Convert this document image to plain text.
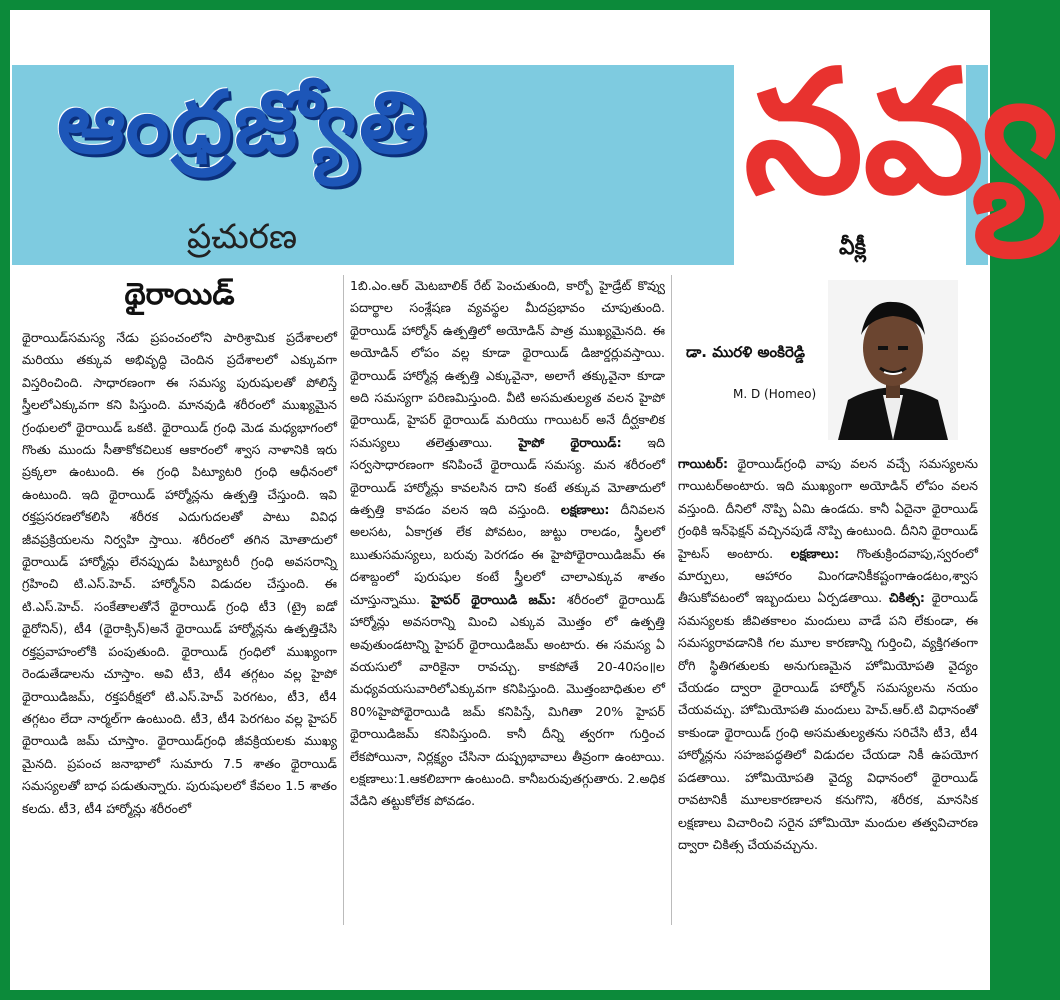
ఆంధ్రజ్యోతి
ప్రచురణ
నవ్య
వీక్లీ
థైరాయిడ్

థైరాయిడ్‌సమస్య నేడు ప్రపంచంలోని పారిశ్రామిక ప్రదేశాలలో మరియు తక్కువ అభివృద్ధి చెందిన ప్రదేశాలలో ఎక్కువగా విస్తరించింది. సాధారణంగా ఈ సమస్య పురుషులతో పోలిస్తే స్త్రీలలోఎక్కువగా కని పిస్తుంది. మానవుడి శరీరంలో ముఖ్యమైన గ్రంథులలో థైరాయిడ్ ఒకటి. థైరాయిడ్ గ్రంధి మెడ మధ్యభాగంలో గొంతు ముందు సీతాకోకచిలుక ఆకారంలో శ్వాస నాళానికి ఇరు ప్రక్కలా ఉంటుంది. ఈ గ్రంధి పిట్యూటరి గ్రంధి ఆధీనంలో ఉంటుంది. ఇది థైరాయిడ్ హార్మోన్లను ఉత్పత్తి చేస్తుంది. ఇవి రక్తప్రసరణలోకలిసి శరీరక ఎదుగుదలతో పాటు వివిధ జీవప్రక్రియలను నిర్వహి స్తాయి. శరీరంలో తగిన మోతాదులో థైరాయిడ్ హార్మోన్లు లేనప్పుడు పిట్యూటరీ గ్రంధి అవసరాన్ని గ్రహించి టి.ఎస్.హెచ్. హార్మోన్‌ని విడుదల చేస్తుంది. ఈ టి.ఎస్.హెచ్. సంకేతాలతోనే థైరాయిడ్ గ్రంధి టీ3 (ట్రై ఐడో థైరోనిన్), టీ4 (థైరాక్సిన్)అనే థైరాయిడ్ హార్మోన్లను ఉత్పత్తిచేసి రక్తప్రవాహంలోకి పంపుతుంది. థైరాయిడ్ గ్రంధిలో ముఖ్యంగా రెండుతేడాలను చూస్తాం. అవి టీ3, టీ4 తగ్గటం వల్ల హైపో థైరాయిడిజమ్, రక్తపరీక్షలో టి.ఎస్.హెచ్ పెరగటం, టీ3, టీ4 తగ్గటం లేదా నార్మల్‌గా ఉంటుంది. టీ3, టీ4 పెరగటం వల్ల హైపర్ థైరాయిడి జమ్ చూస్తాం. థైరాయిడ్‌గ్రంధి జీవక్రియలకు ముఖ్య మైనది. ప్రపంచ జనాభాలో సుమారు 7.5 శాతం థైరాయిడ్ సమస్యలతో బాధ పడుతున్నారు. పురుషులలో కేవలం 1.5 శాతం కలదు. టీ3, టీ4 హార్మోన్లు శరీరంలో

1బి.ఎం.ఆర్ మెటబాలిక్ రేట్ పెంచుతుంది, కార్బో హైడ్రేట్ కొవ్వు పదార్థాల సంశ్లేషణ వ్యవస్థల మీదప్రభావం చూపుతుంది. థైరాయిడ్ హార్మోన్ ఉత్పత్తిలో అయోడిన్ పాత్ర ముఖ్యమైనది. ఈ అయోడిన్ లోపం వల్ల కూడా థైరాయిడ్ డిజార్డర్లువస్తాయి. థైరాయిడ్ హార్మోన్ల ఉత్పత్తి ఎక్కువైనా, అలాగే తక్కువైనా కూడా అది సమస్యగా పరిణమిస్తుంది. వీటి అసమతుల్యత వలన హైపో థైరాయిడ్, హైపర్ థైరాయిడ్ మరియు గాయిటర్ అనే దీర్ఘకాలిక సమస్యలు తలెత్తుతాయి. హైపో థైరాయిడ్: ఇది సర్వసాధారణంగా కనిపించే థైరాయిడ్ సమస్య. మన శరీరంలో థైరాయిడ్ హార్మోన్లు కావలసిన దాని కంటే తక్కువ మోతాదులో ఉత్పత్తి కావడం వలన ఇది వస్తుంది. లక్షణాలు: దీనివలన అలసట, ఏకాగ్రత లేక పోవటం, జుట్టు రాలడం, స్త్రీలలో ఋతుసమస్యలు, బరువు పెరగడం ఈ హైపోథైరాయిడిజమ్ ఈ దశాబ్దంలో పురుషుల కంటే స్త్రీలలో చాలాఎక్కువ శాతం చూస్తున్నాము. హైపర్ థైరాయిడి జమ్: శరీరంలో థైరాయిడ్ హార్మోన్లు అవసరాన్ని మించి ఎక్కువ మొత్తం లో ఉత్పత్తి అవుతుండటాన్ని హైపర్ థైరాయిడిజమ్ అంటారు. ఈ సమస్య ఏ వయసులో వారికైనా రావచ్చు. కాకపోతే 20-40సం॥ల మధ్యవయసువారిలోఎక్కువగా కనిపిస్తుంది. మొత్తంబాధితుల లో 80%హైపోథైరాయిడి జమ్ కనిపిస్తే, మిగితా 20% హైపర్ థైరాయిడిజమ్ కనిపిస్తుంది. కానీ దీన్ని త్వరగా గుర్తించ లేకపోయినా, నిర్లక్ష్యం చేసినా దుష్ప్రభావాలు తీవ్రంగా ఉంటాయి. లక్షణాలు:1.ఆకలిబాగా ఉంటుంది. కానీబరువుతగ్గుతారు. 2.అధిక వేడిని తట్టుకోలేక పోవడం.

డా. మురళి అంకిరెడ్డి
M. D (Homeo)

గాయిటర్: థైరాయిడ్‌గ్రంధి వాపు వలన వచ్చే సమస్యలను గాయిటర్‌అంటారు. ఇది ముఖ్యంగా అయోడిన్ లోపం వలన వస్తుంది. దీనిలో నొప్పి ఏమి ఉండదు. కానీ ఏదైనా థైరాయిడ్ గ్రంథికి ఇన్‌ఫెక్షన్ వచ్చినపుడే నొప్పి ఉంటుంది. దీనిని థైరాయిడ్ హైటస్ అంటారు. లక్షణాలు: గొంతుక్రిందవాపు,స్వరంలో మార్పులు, ఆహారం మింగడానికీకష్టంగాఉండటం,శ్వాస తీసుకోవటంలో ఇబ్బందులు ఏర్పడతాయి. చికిత్స: థైరాయిడ్ సమస్యలకు జీవితకాలం మందులు వాడే పని లేకుండా, ఈ సమస్యరావడానికి గల మూల కారణాన్ని గుర్తించి, వ్యక్తిగతంగా రోగి స్థితిగతులకు అనుగుణమైన హోమియోపతి వైద్యం చేయడం ద్వారా థైరాయిడ్ హార్మోన్ సమస్యలను నయం చేయవచ్చు. హోమియోపతి మందులు హెచ్.ఆర్.టి విధానంతో కాకుండా థైరాయిడ్ గ్రంధి అసమతుల్యతను సరిచేసి టీ3, టీ4 హార్మోన్లను సహజపద్ధతిలో విడుదల చేయడా నికీ ఉపయోగ పడతాయి. హోమియోపతి వైద్య విధానంలో థైరాయిడ్ రావటానికీ మూలకారణాలన కనుగొని, శరీరక, మానసిక లక్షణాలు విచారించి సరైన హోమియో మందుల తత్వవిచారణ ద్వారా చికిత్స చేయవచ్చును.
